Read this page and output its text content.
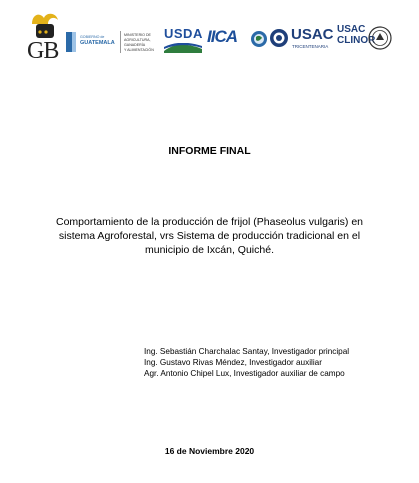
GB
GOBIERNO de
GUATEMALA
MINISTERIO DE
AGRICULTURA,
GANADERÍA
Y ALIMENTACIÓN
USDA IICA	USAC
TRICENTENARIA
USAC
CLINOR
INFORME FINAL
Comportamiento de la producción de frijol (Phaseolus vulgaris) en
sistema Agroforestal, vrs Sistema de producción tradicional en el
municipio de Ixcán, Quiché.
Ing. Sebastián Charchalac Santay, Investigador principal
Ing. Gustavo Rivas Méndez, Investigador auxiliar
Agr. Antonio Chipel Lux, Investigador auxiliar de campo
16 de Noviembre 2020
